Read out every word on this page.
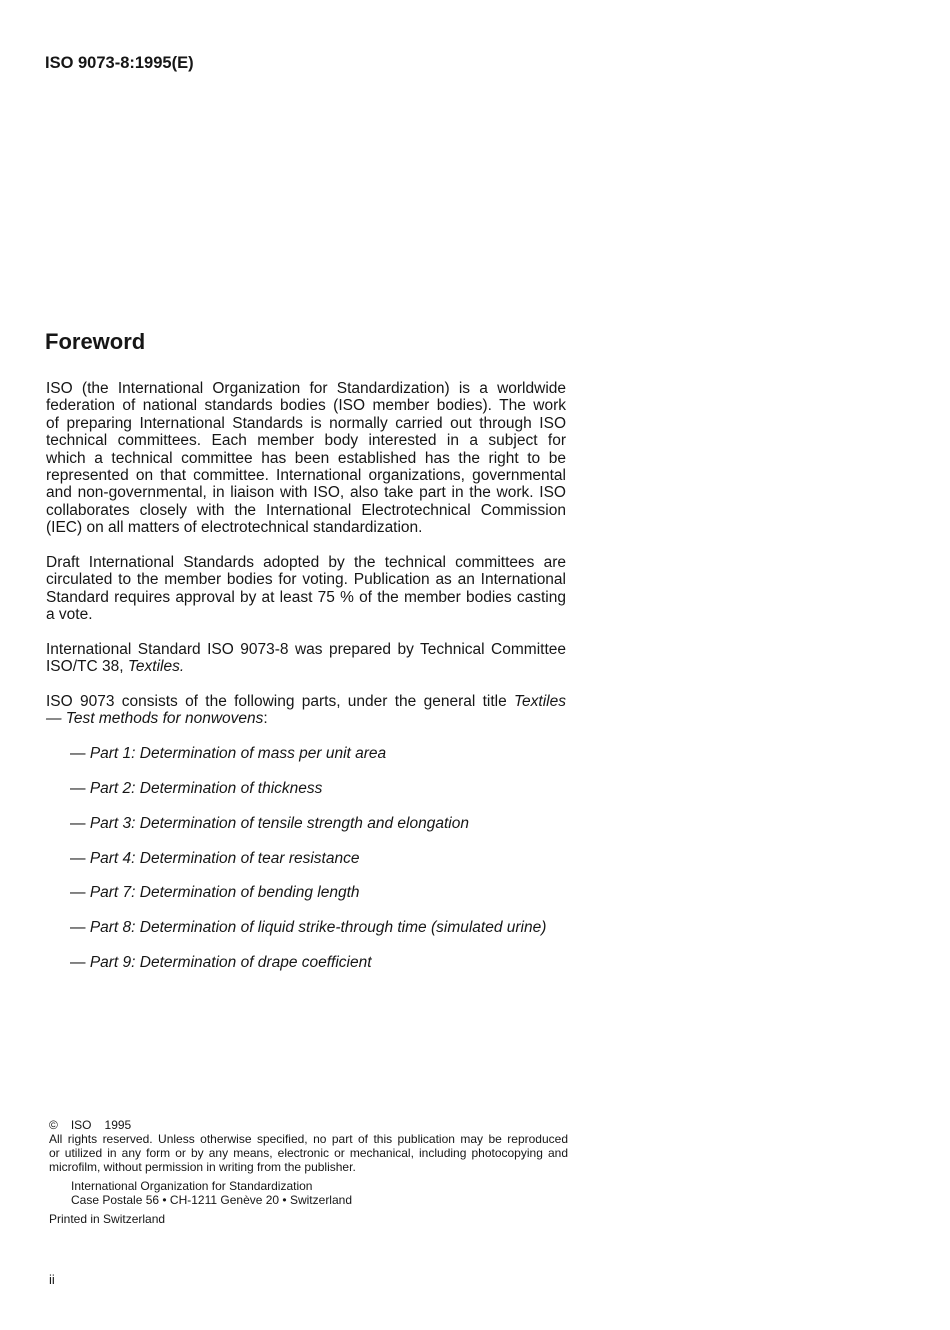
ISO 9073-8:1995(E)
Foreword
ISO (the International Organization for Standardization) is a worldwide
federation of national standards bodies (ISO member bodies). The work
of preparing International Standards is normally carried out through ISO
technical committees. Each member body interested in a subject for
which a technical committee has been established has the right to be
represented on that committee. International organizations, governmental
and non-governmental, in liaison with ISO, also take part in the work. ISO
collaborates closely with the International Electrotechnical Commission
(IEC) on all matters of electrotechnical standardization.
Draft International Standards adopted by the technical committees are
circulated to the member bodies for voting. Publication as an International
Standard requires approval by at least 75 % of the member bodies casting
a vote.
International Standard ISO 9073-8 was prepared by Technical Committee
ISO/TC 38, Textiles.
ISO 9073 consists of the following parts, under the general title Textiles
— Test methods for nonwovens:
— Part 1: Determination of mass per unit area
— Part 2: Determination of thickness
— Part 3: Determination of tensile strength and elongation
— Part 4: Determination of tear resistance
— Part 7: Determination of bending length
— Part 8: Determination of liquid strike-through time (simulated urine)
— Part 9: Determination of drape coefficient
© ISO 1995
All rights reserved. Unless otherwise specified, no part of this publication may be reproduced
or utilized in any form or by any means, electronic or mechanical, including photocopying and
microfilm, without permission in writing from the publisher.
International Organization for Standardization
Case Postale 56 • CH-1211 Genève 20 • Switzerland
Printed in Switzerland
ii
